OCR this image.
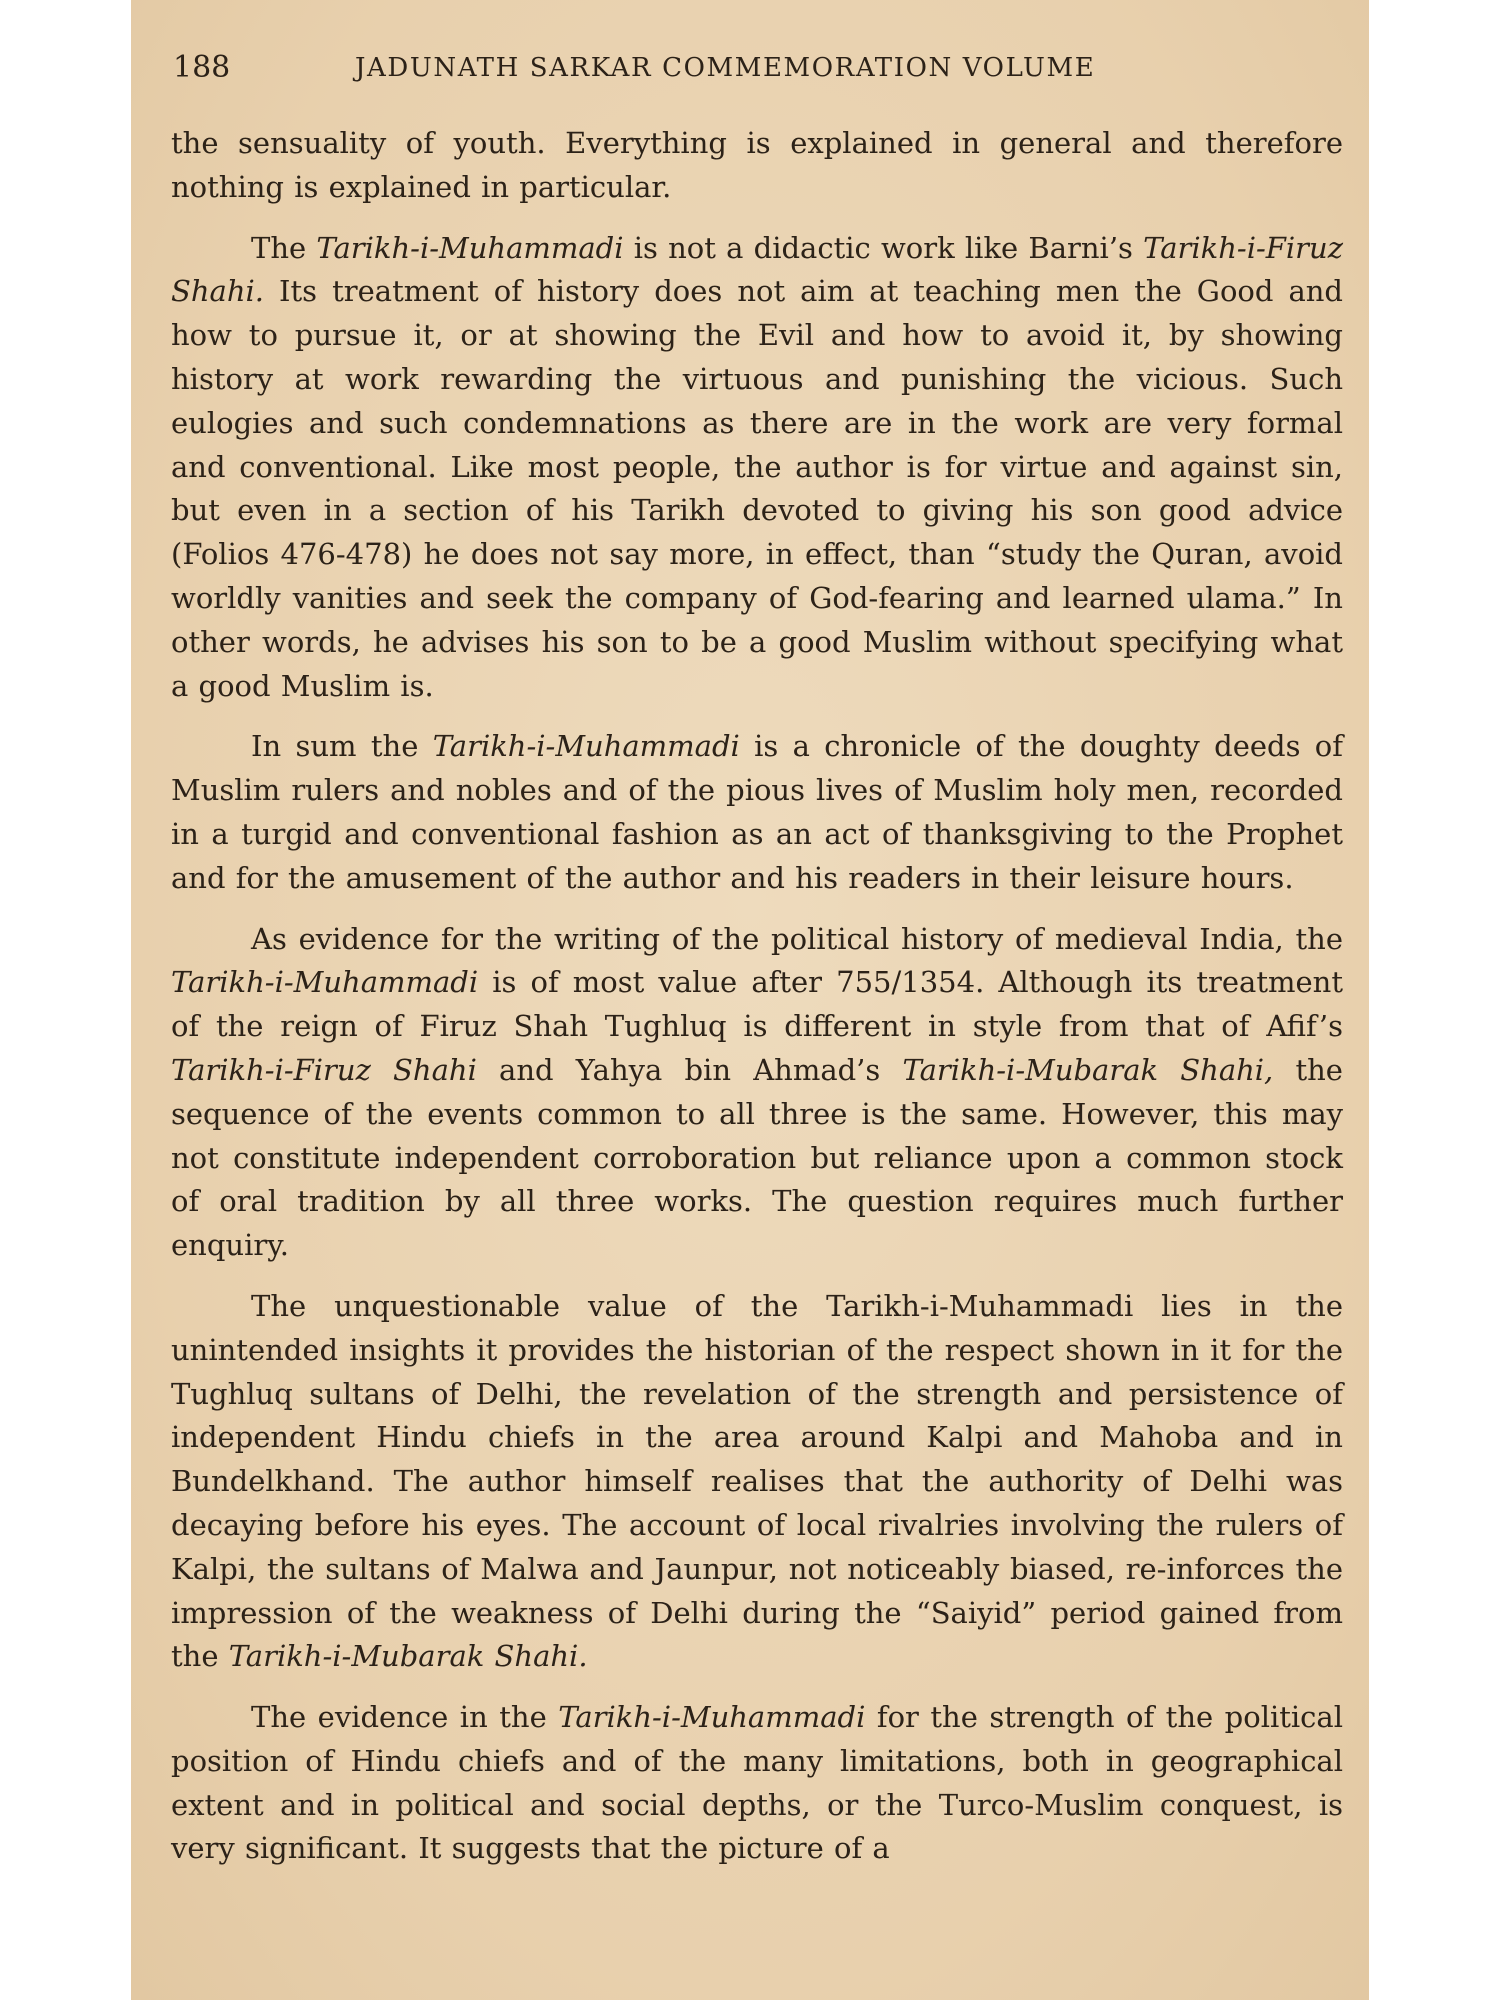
188	JADUNATH SARKAR COMMEMORATION VOLUME

the sensuality of youth. Everything is explained in general and therefore nothing is explained in particular.

The Tarikh-i-Muhammadi is not a didactic work like Barni’s Tarikh-i-Firuz Shahi. Its treatment of history does not aim at teaching men the Good and how to pursue it, or at showing the Evil and how to avoid it, by showing history at work rewarding the virtuous and punishing the vicious. Such eulogies and such condemnations as there are in the work are very formal and conventional. Like most people, the author is for virtue and against sin, but even in a section of his Tarikh devoted to giving his son good advice (Folios 476-478) he does not say more, in effect, than “study the Quran, avoid worldly vanities and seek the company of God-fearing and learned ulama.” In other words, he advises his son to be a good Muslim without specifying what a good Muslim is.

In sum the Tarikh-i-Muhammadi is a chronicle of the doughty deeds of Muslim rulers and nobles and of the pious lives of Muslim holy men, recorded in a turgid and conventional fashion as an act of thanksgiving to the Prophet and for the amusement of the author and his readers in their leisure hours.

As evidence for the writing of the political history of medieval India, the Tarikh-i-Muhammadi is of most value after 755/1354. Although its treatment of the reign of Firuz Shah Tughluq is different in style from that of Afif’s Tarikh-i-Firuz Shahi and Yahya bin Ahmad’s Tarikh-i-Mubarak Shahi, the sequence of the events common to all three is the same. However, this may not constitute independent corroboration but reliance upon a common stock of oral tradition by all three works. The question requires much further enquiry.

The unquestionable value of the Tarikh-i-Muhammadi lies in the unintended insights it provides the historian of the respect shown in it for the Tughluq sultans of Delhi, the revelation of the strength and persistence of independent Hindu chiefs in the area around Kalpi and Mahoba and in Bundelkhand. The author himself realises that the authority of Delhi was decaying before his eyes. The account of local rivalries involving the rulers of Kalpi, the sultans of Malwa and Jaunpur, not noticeably biased, re-inforces the impression of the weakness of Delhi during the “Saiyid” period gained from the Tarikh-i-Mubarak Shahi.

The evidence in the Tarikh-i-Muhammadi for the strength of the political position of Hindu chiefs and of the many limitations, both in geographical extent and in political and social depths, or the Turco-Muslim conquest, is very significant. It suggests that the picture of a
